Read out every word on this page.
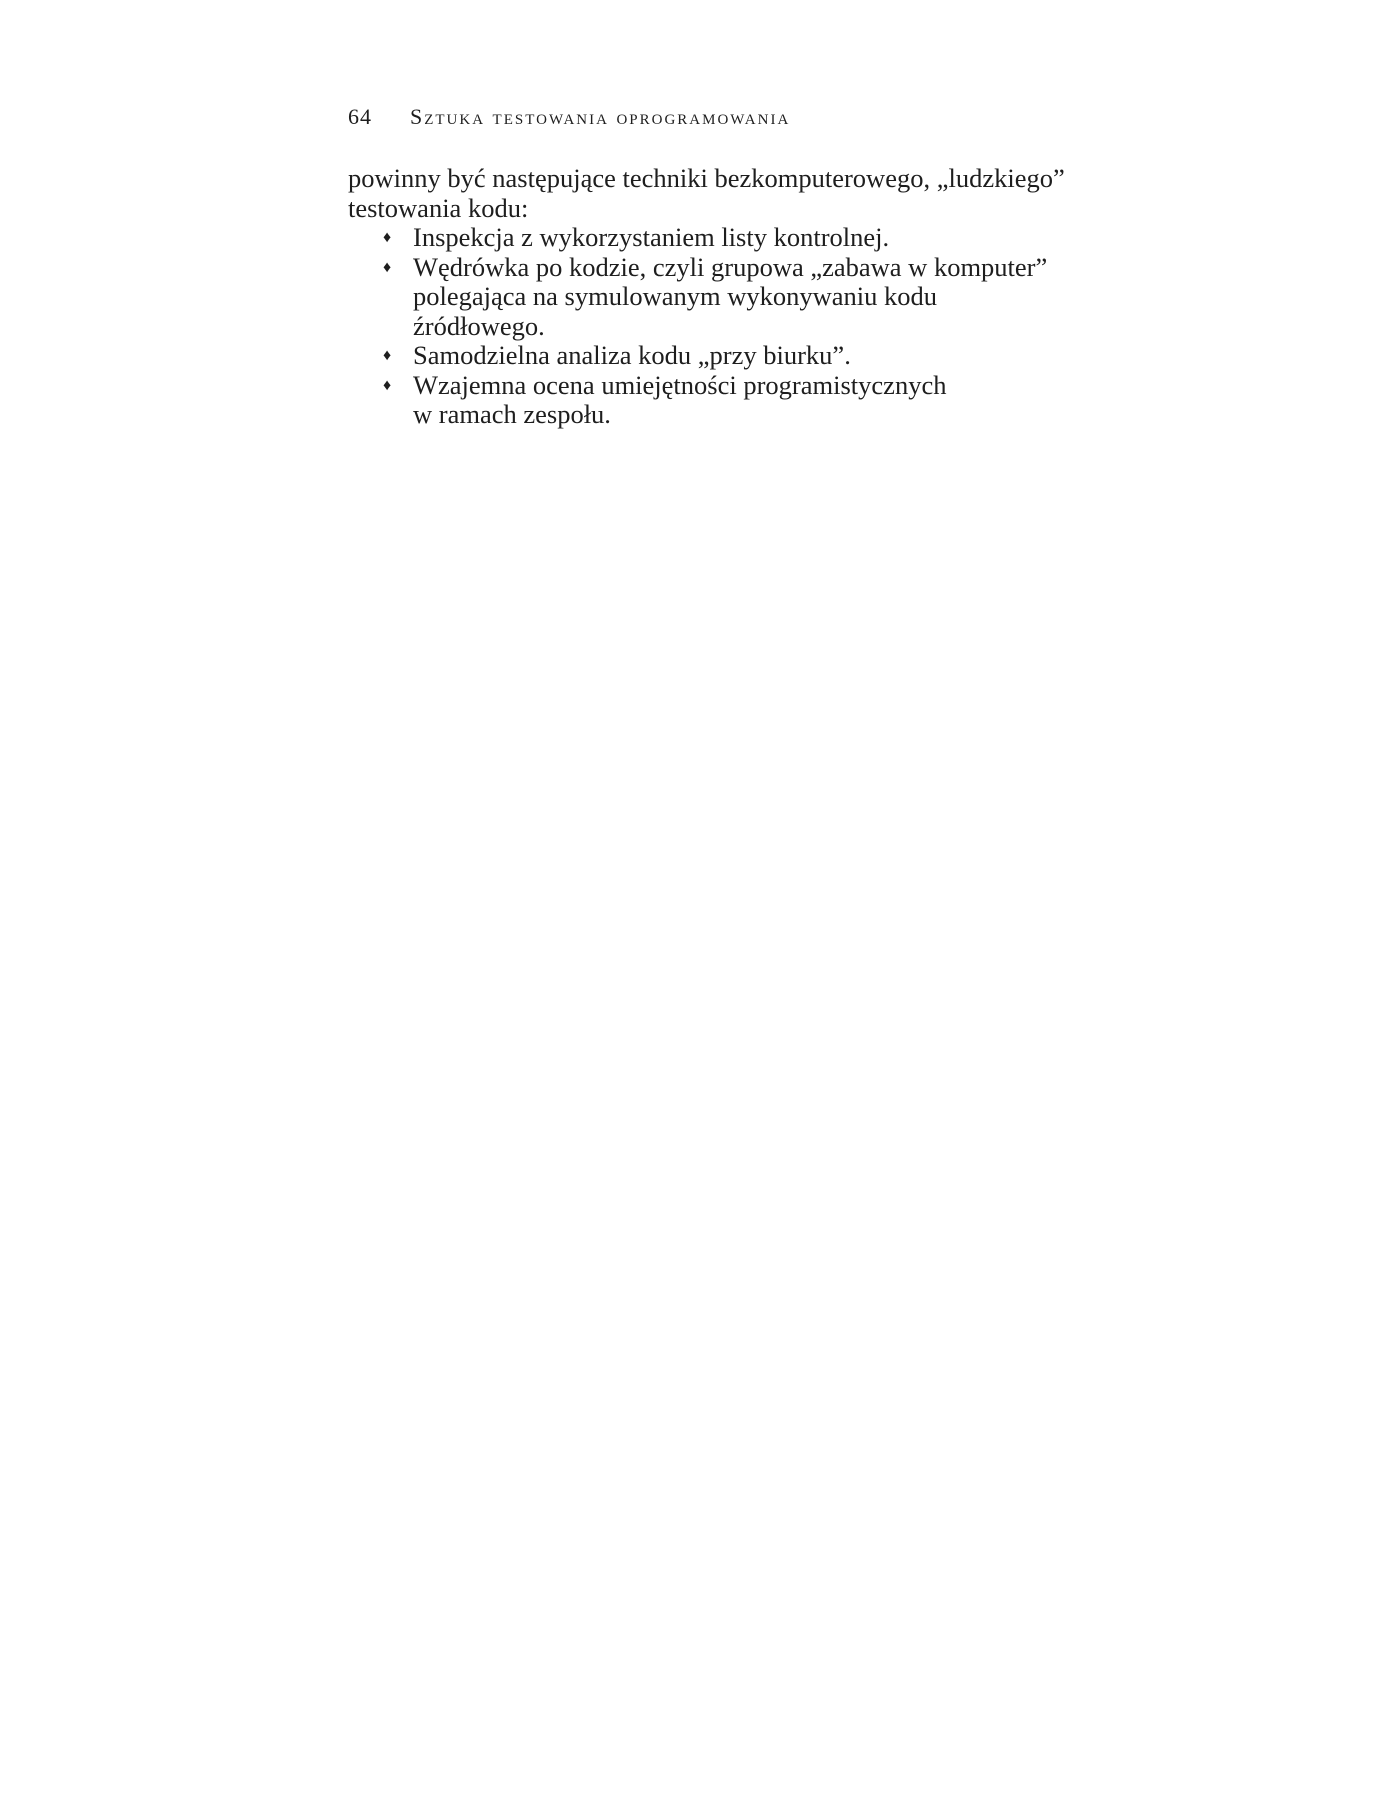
64 Sztuka testowania oprogramowania

powinny być następujące techniki bezkomputerowego, „ludzkiego”
testowania kodu:

♦ Inspekcja z wykorzystaniem listy kontrolnej.
♦ Wędrówka po kodzie, czyli grupowa „zabawa w komputer”
polegająca na symulowanym wykonywaniu kodu
źródłowego.
♦ Samodzielna analiza kodu „przy biurku”.
♦ Wzajemna ocena umiejętności programistycznych
w ramach zespołu.
